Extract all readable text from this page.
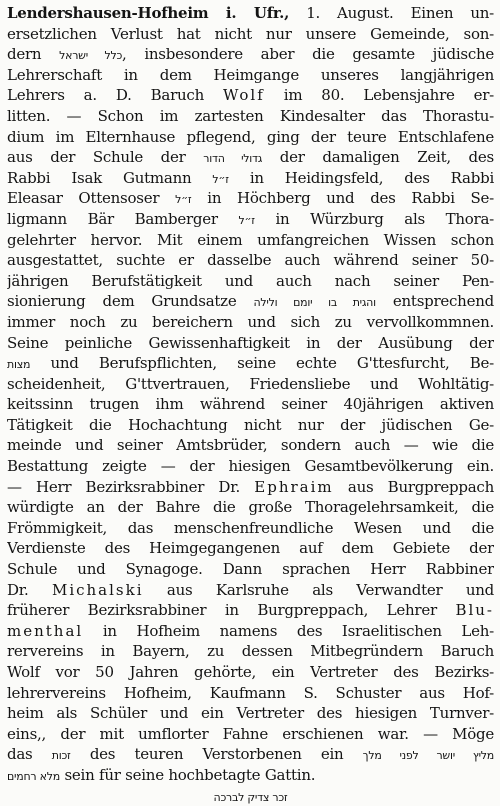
Lendershausen-Hofheim i. Ufr., 1. August. Einen un-
ersetzlichen Verlust hat nicht nur unsere Gemeinde, son-
dern כלל ישראל, insbesondere aber die gesamte jüdische
Lehrerschaft in dem Heimgange unseres langjährigen
Lehrers a. D. Baruch Wolf im 80. Lebensjahre er-
litten. — Schon im zartesten Kindesalter das Thorastu-
dium im Elternhause pflegend, ging der teure Entschlafene
aus der Schule der גדולי הדור der damaligen Zeit, des
Rabbi Isak Gutmann ז״ל in Heidingsfeld, des Rabbi
Eleasar Ottensoser ז״ל in Höchberg und des Rabbi Se-
ligmann Bär Bamberger ז״ל in Würzburg als Thora-
gelehrter hervor. Mit einem umfangreichen Wissen schon
ausgestattet, suchte er dasselbe auch während seiner 50-
jährigen Berufstätigkeit und auch nach seiner Pen-
sionierung dem Grundsatze והגית בו יומם ולילה entsprechend
immer noch zu bereichern und sich zu vervollkommnen.
Seine peinliche Gewissenhaftigkeit in der Ausübung der
מצות und Berufspflichten, seine echte G'ttesfurcht, Be-
scheidenheit, G'ttvertrauen, Friedensliebe und Wohltätig-
keitssinn trugen ihm während seiner 40jährigen aktiven
Tätigkeit die Hochachtung nicht nur der jüdischen Ge-
meinde und seiner Amtsbrüder, sondern auch — wie die
Bestattung zeigte — der hiesigen Gesamtbevölkerung ein.
— Herr Bezirksrabbiner Dr. Ephraim aus Burgpreppach
würdigte an der Bahre die große Thoragelehrsamkeit, die
Frömmigkeit, das menschenfreundliche Wesen und die
Verdienste des Heimgegangenen auf dem Gebiete der
Schule und Synagoge. Dann sprachen Herr Rabbiner
Dr. Michalski aus Karlsruhe als Verwandter und
früherer Bezirksrabbiner in Burgpreppach, Lehrer Blu-
menthal in Hofheim namens des Israelitischen Leh-
rervereins in Bayern, zu dessen Mitbegründern Baruch
Wolf vor 50 Jahren gehörte, ein Vertreter des Bezirks-
lehrervereins Hofheim, Kaufmann S. Schuster aus Hof-
heim als Schüler und ein Vertreter des hiesigen Turnver-
eins,, der mit umflorter Fahne erschienen war. — Möge
das זכות des teuren Verstorbenen ein מליץ יושר לפני מלך
מלא רחמים sein für seine hochbetagte Gattin.
זכר צדיק לברכה
